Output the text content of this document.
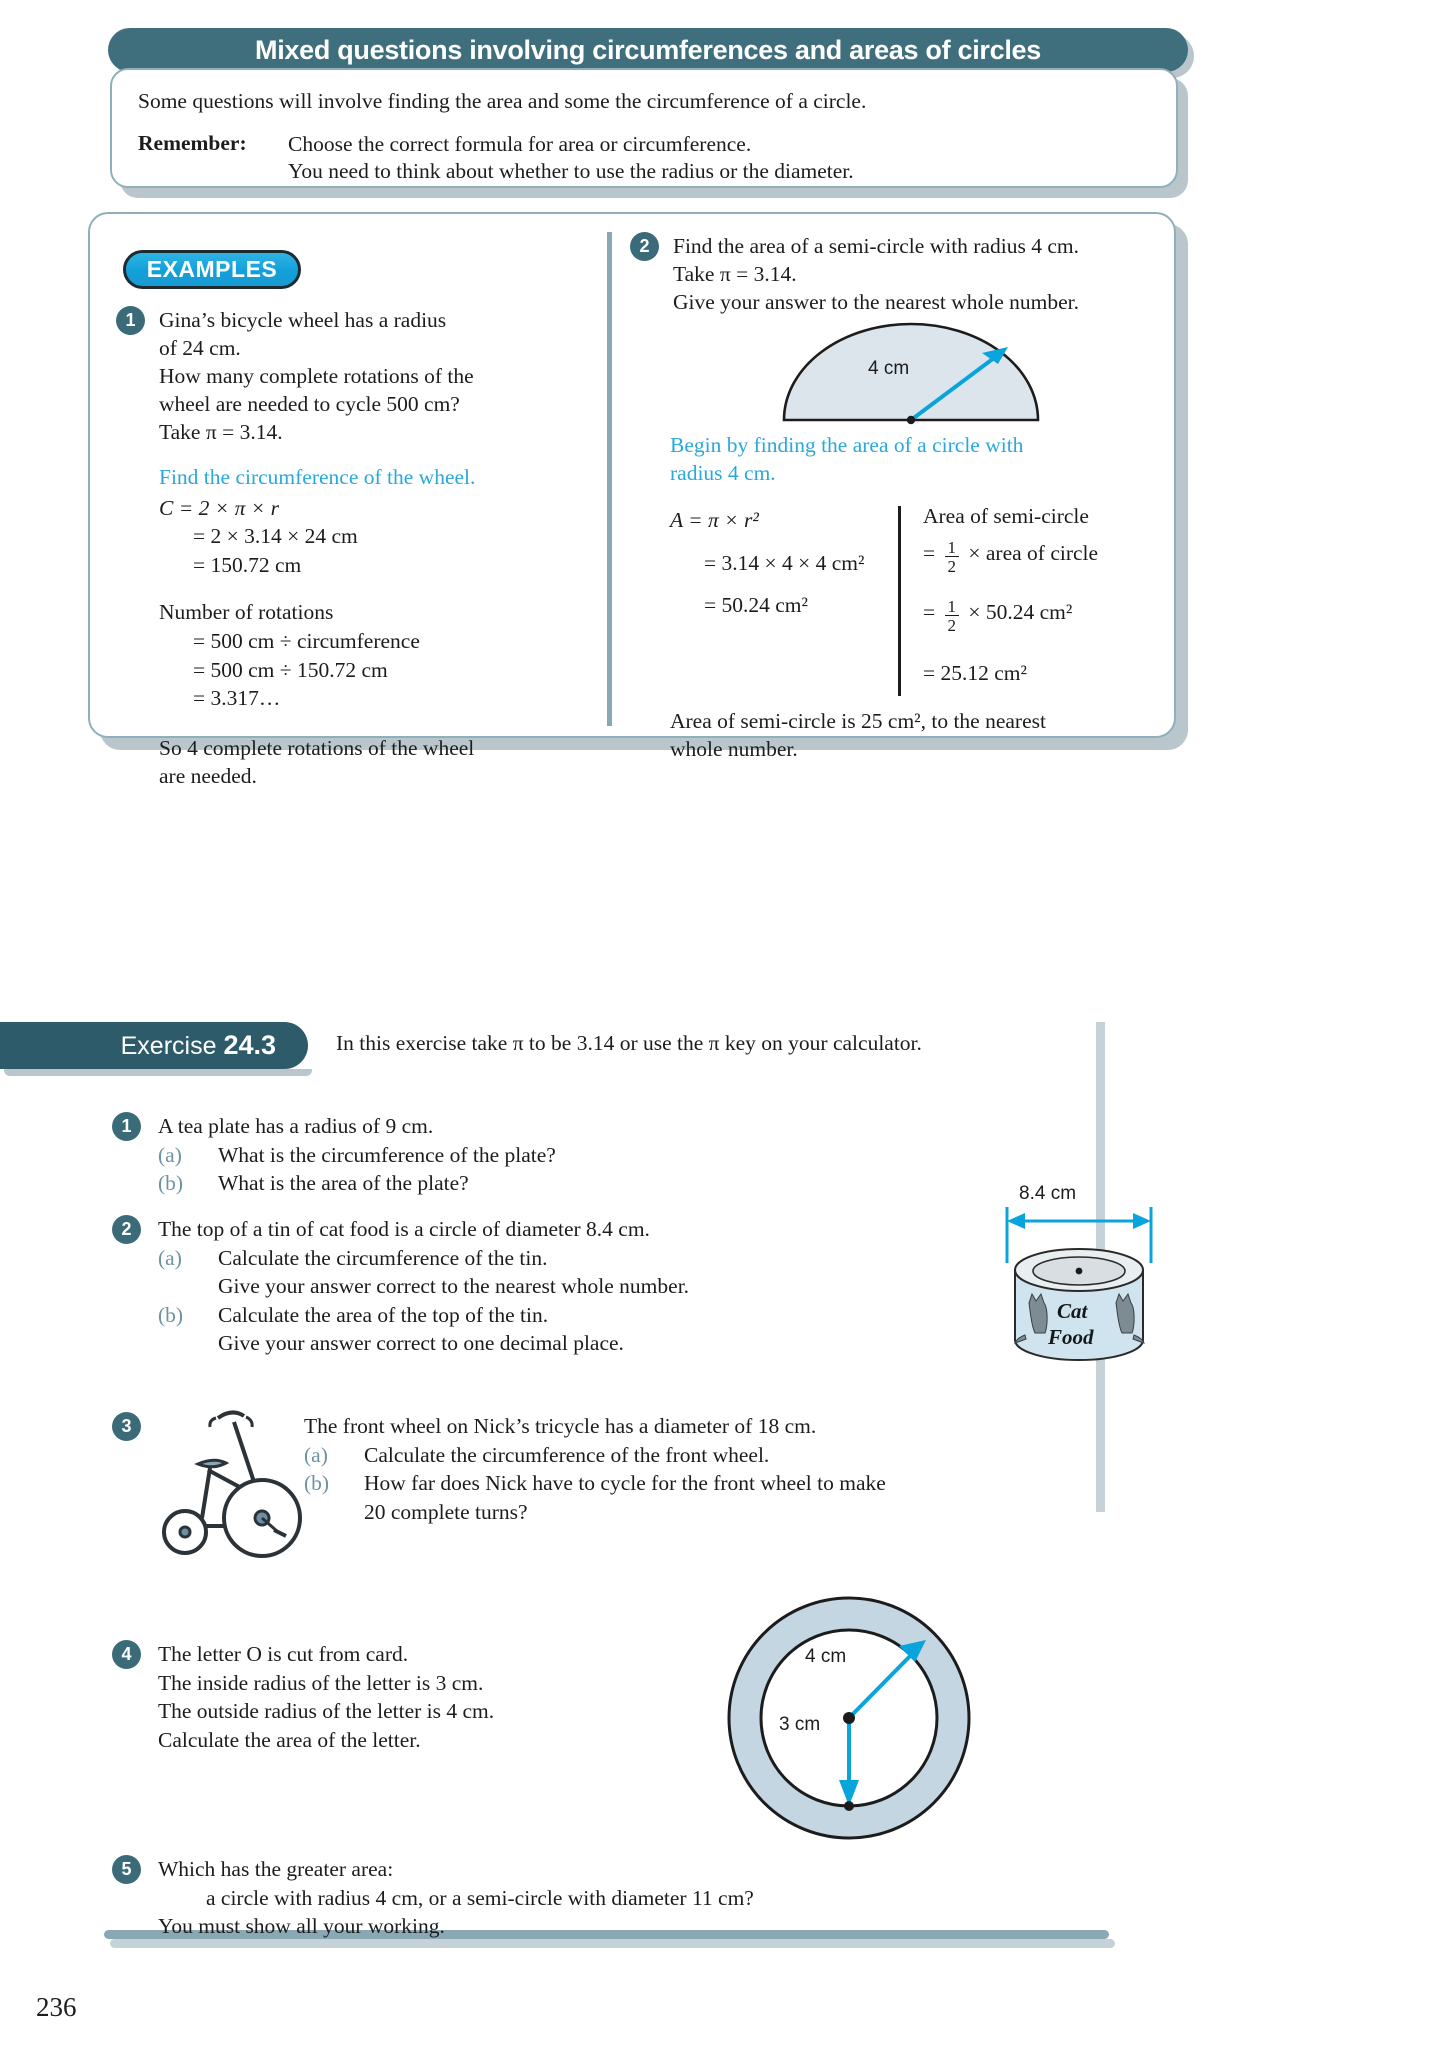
Mixed questions involving circumferences and areas of circles
Some questions will involve finding the area and some the circumference of a circle.
Remember:	Choose the correct formula for area or circumference.
You need to think about whether to use the radius or the diameter.
EXAMPLES
1	Gina’s bicycle wheel has a radius
of 24 cm.
How many complete rotations of the
wheel are needed to cycle 500 cm?
Take π = 3.14.
Find the circumference of the wheel.
C = 2 × π × r
= 2 × 3.14 × 24 cm
= 150.72 cm
Number of rotations
= 500 cm ÷ circumference
= 500 cm ÷ 150.72 cm
= 3.317…
So 4 complete rotations of the wheel
are needed.
2	Find the area of a semi-circle with radius 4 cm.
Take π = 3.14.
Give your answer to the nearest whole number.
4 cm
Begin by finding the area of a circle with
radius 4 cm.
A = π × r²
= 3.14 × 4 × 4 cm²
= 50.24 cm²
Area of semi-circle
= $\frac{1}{2}$ × area of circle
= $\frac{1}{2} \times 50.24$ cm²
= 25.12 cm²
Area of semi-circle is 25 cm², to the nearest
whole number.
Exercise 24.3	In this exercise take π to be 3.14 or use the π key on your calculator.
1	A tea plate has a radius of 9 cm.
(a)	What is the circumference of the plate?
(b)	What is the area of the plate?
2	The top of a tin of cat food is a circle of diameter 8.4 cm.
(a)	Calculate the circumference of the tin.
Give your answer correct to the nearest whole number.
(b)	Calculate the area of the top of the tin.
Give your answer correct to one decimal place.
8.4 cm
Cat
Food
3	The front wheel on Nick’s tricycle has a diameter of 18 cm.
(a)	Calculate the circumference of the front wheel.
(b)	How far does Nick have to cycle for the front wheel to make
20 complete turns?
4	The letter O is cut from card.
The inside radius of the letter is 3 cm.
The outside radius of the letter is 4 cm.
Calculate the area of the letter.
4 cm
3 cm
5	Which has the greater area:
a circle with radius 4 cm, or a semi-circle with diameter 11 cm?
You must show all your working.
236
